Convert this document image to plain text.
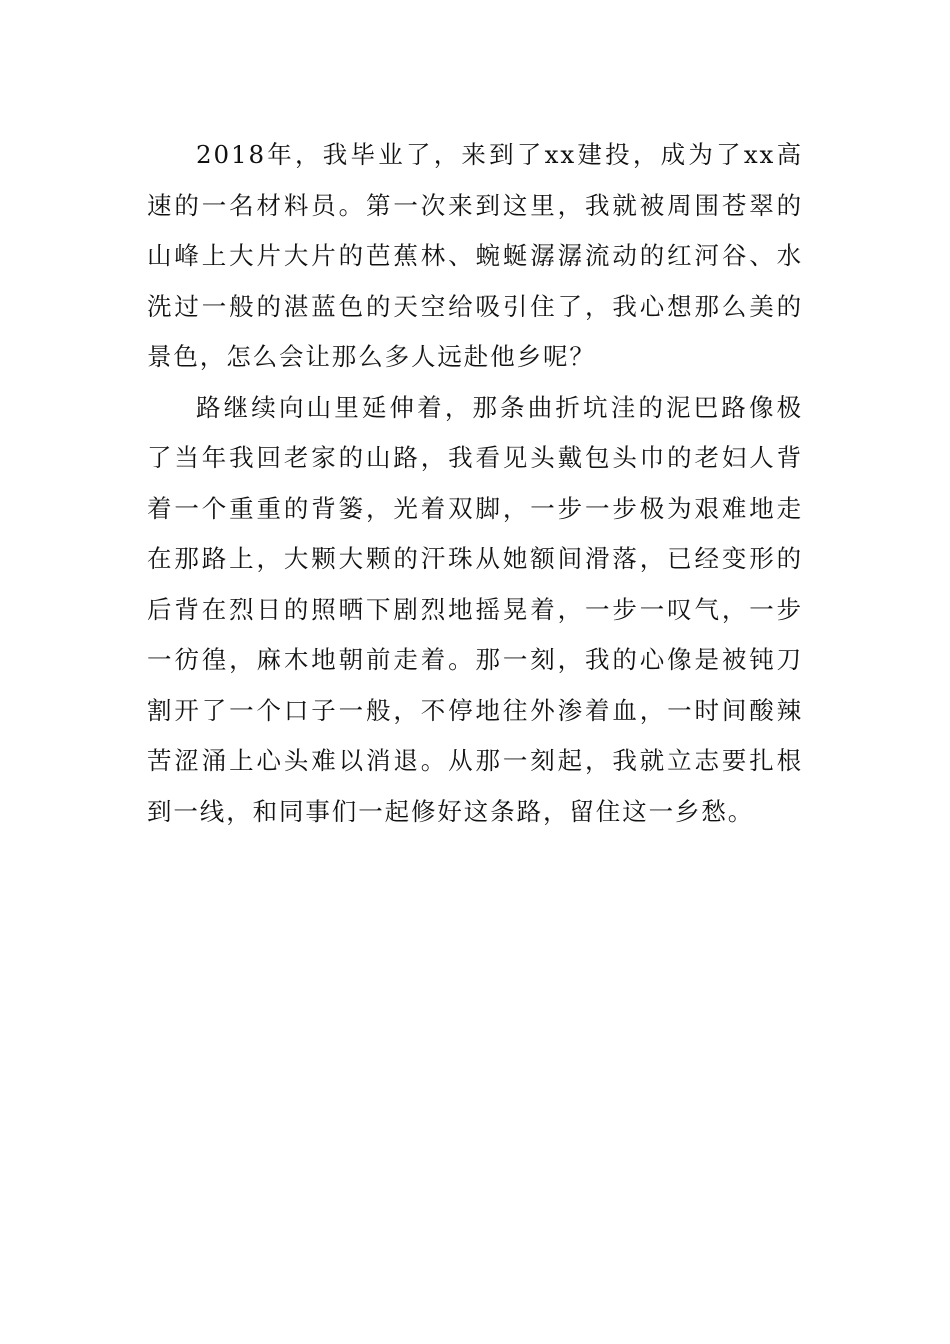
2018年，我毕业了，来到了xx建投，成为了xx高速的一名材料员。第一次来到这里，我就被周围苍翠的山峰上大片大片的芭蕉林、蜿蜒潺潺流动的红河谷、水洗过一般的湛蓝色的天空给吸引住了，我心想那么美的景色，怎么会让那么多人远赴他乡呢？

路继续向山里延伸着，那条曲折坑洼的泥巴路像极了当年我回老家的山路，我看见头戴包头巾的老妇人背着一个重重的背篓，光着双脚，一步一步极为艰难地走在那路上，大颗大颗的汗珠从她额间滑落，已经变形的后背在烈日的照晒下剧烈地摇晃着，一步一叹气，一步一彷徨，麻木地朝前走着。那一刻，我的心像是被钝刀割开了一个口子一般，不停地往外渗着血，一时间酸辣苦涩涌上心头难以消退。从那一刻起，我就立志要扎根到一线，和同事们一起修好这条路，留住这一乡愁。
